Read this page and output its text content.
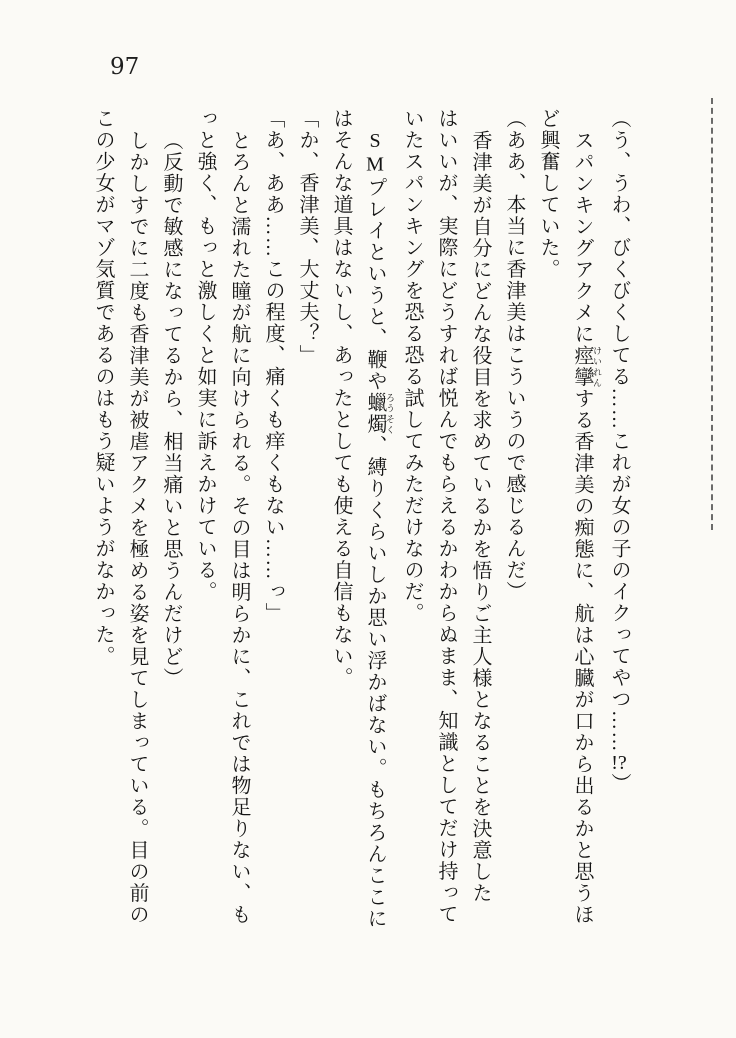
97
（う、うわ、びくびくしてる……これが女の子のイクってやつ……!?）
スパンキングアクメに痙攣 けいれんする香津美の痴態に、航は心臓が口から出るかと思うほ
ど興奮していた。
（ああ、本当に香津美はこういうので感じるんだ）
香津美が自分にどんな役目を求めているかを悟りご主人様となることを決意した
はいいが、実際にどうすれば悦んでもらえるかわからぬまま、知識としてだけ持って
いたスパンキングを恐る恐る試してみただけなのだ。
SMプレイというと、鞭や蠟燭 ろうそく、縛りくらいしか思い浮かばない。もちろんここに
はそんな道具はないし、あったとしても使える自信もない。
「か、香津美、大丈夫？」
「あ、ああ……この程度、痛くも痒くもない……っ」
とろんと濡れた瞳が航に向けられる。その目は明らかに、これでは物足りない、も
っと強く、もっと激しくと如実に訴えかけている。
（反動で敏感になってるから、相当痛いと思うんだけど）
しかしすでに二度も香津美が被虐アクメを極める姿を見てしまっている。目の前の
この少女がマゾ気質であるのはもう疑いようがなかった。
